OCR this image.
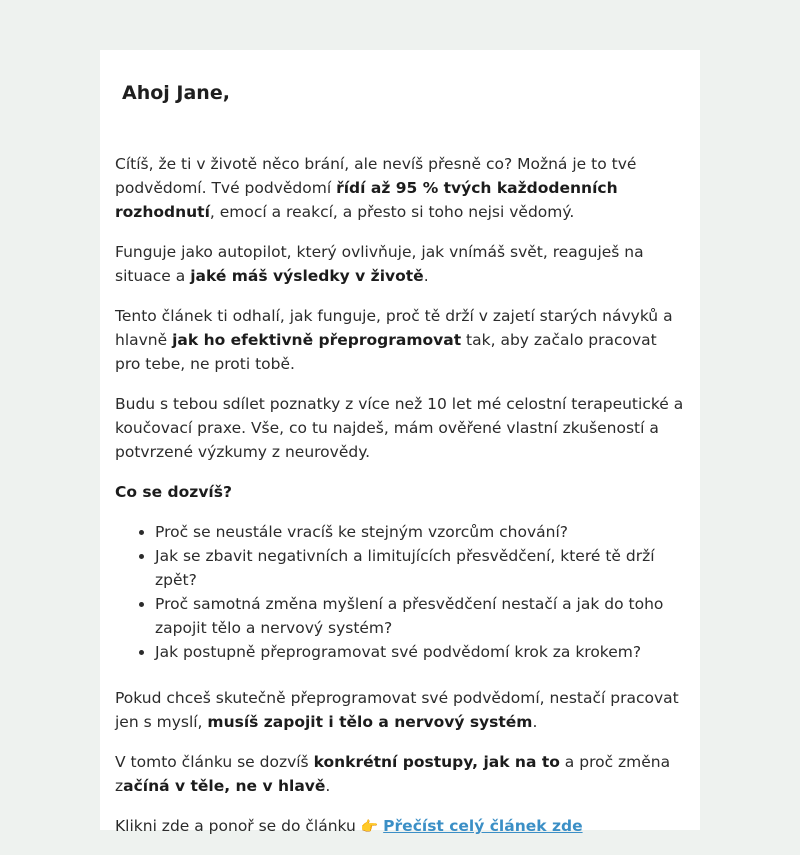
Ahoj Jane,

Cítíš, že ti v životě něco brání, ale nevíš přesně co? Možná je to tvé podvědomí. Tvé podvědomí řídí až 95 % tvých každodenních rozhodnutí, emocí a reakcí, a přesto si toho nejsi vědomý.

Funguje jako autopilot, který ovlivňuje, jak vnímáš svět, reaguješ na situace a jaké máš výsledky v životě.

Tento článek ti odhalí, jak funguje, proč tě drží v zajetí starých návyků a hlavně jak ho efektivně přeprogramovat tak, aby začalo pracovat pro tebe, ne proti tobě.

Budu s tebou sdílet poznatky z více než 10 let mé celostní terapeutické a koučovací praxe. Vše, co tu najdeš, mám ověřené vlastní zkušeností a potvrzené výzkumy z neurovědy.

Co se dozvíš?

• Proč se neustále vracíš ke stejným vzorcům chování?
• Jak se zbavit negativních a limitujících přesvědčení, které tě drží zpět?
• Proč samotná změna myšlení a přesvědčení nestačí a jak do toho zapojit tělo a nervový systém?
• Jak postupně přeprogramovat své podvědomí krok za krokem?

Pokud chceš skutečně přeprogramovat své podvědomí, nestačí pracovat jen s myslí, musíš zapojit i tělo a nervový systém.

V tomto článku se dozvíš konkrétní postupy, jak na to a proč změna začíná v těle, ne v hlavě.

Klikni zde a ponoř se do článku 👉 Přečíst celý článek zde
